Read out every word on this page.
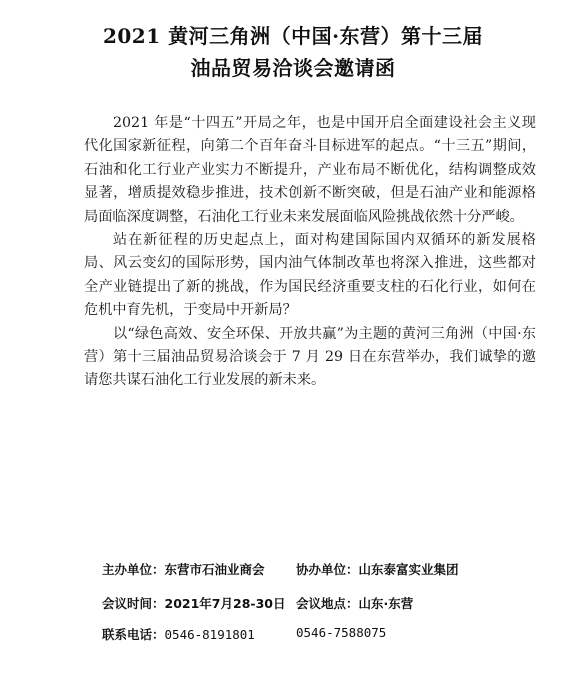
2021 黄河三角洲（中国·东营）第十三届
油品贸易洽谈会邀请函

2021 年是“十四五”开局之年，也是中国开启全面建设社会主义现代化国家新征程，向第二个百年奋斗目标进军的起点。“十三五”期间，石油和化工行业产业实力不断提升，产业布局不断优化，结构调整成效显著，增质提效稳步推进，技术创新不断突破，但是石油产业和能源格局面临深度调整，石油化工行业未来发展面临风险挑战依然十分严峻。

站在新征程的历史起点上，面对构建国际国内双循环的新发展格局、风云变幻的国际形势，国内油气体制改革也将深入推进，这些都对全产业链提出了新的挑战，作为国民经济重要支柱的石化行业，如何在危机中育先机，于变局中开新局？

以“绿色高效、安全环保、开放共赢”为主题的黄河三角洲（中国·东营）第十三届油品贸易洽谈会于 7 月 29 日在东营举办，我们诚挚的邀请您共谋石油化工行业发展的新未来。

主办单位：东营市石油业商会	协办单位：山东泰富实业集团
会议时间：2021年7月28-30日 会议地点：山东·东营
联系电话：0546-8191801	0546-7588075
